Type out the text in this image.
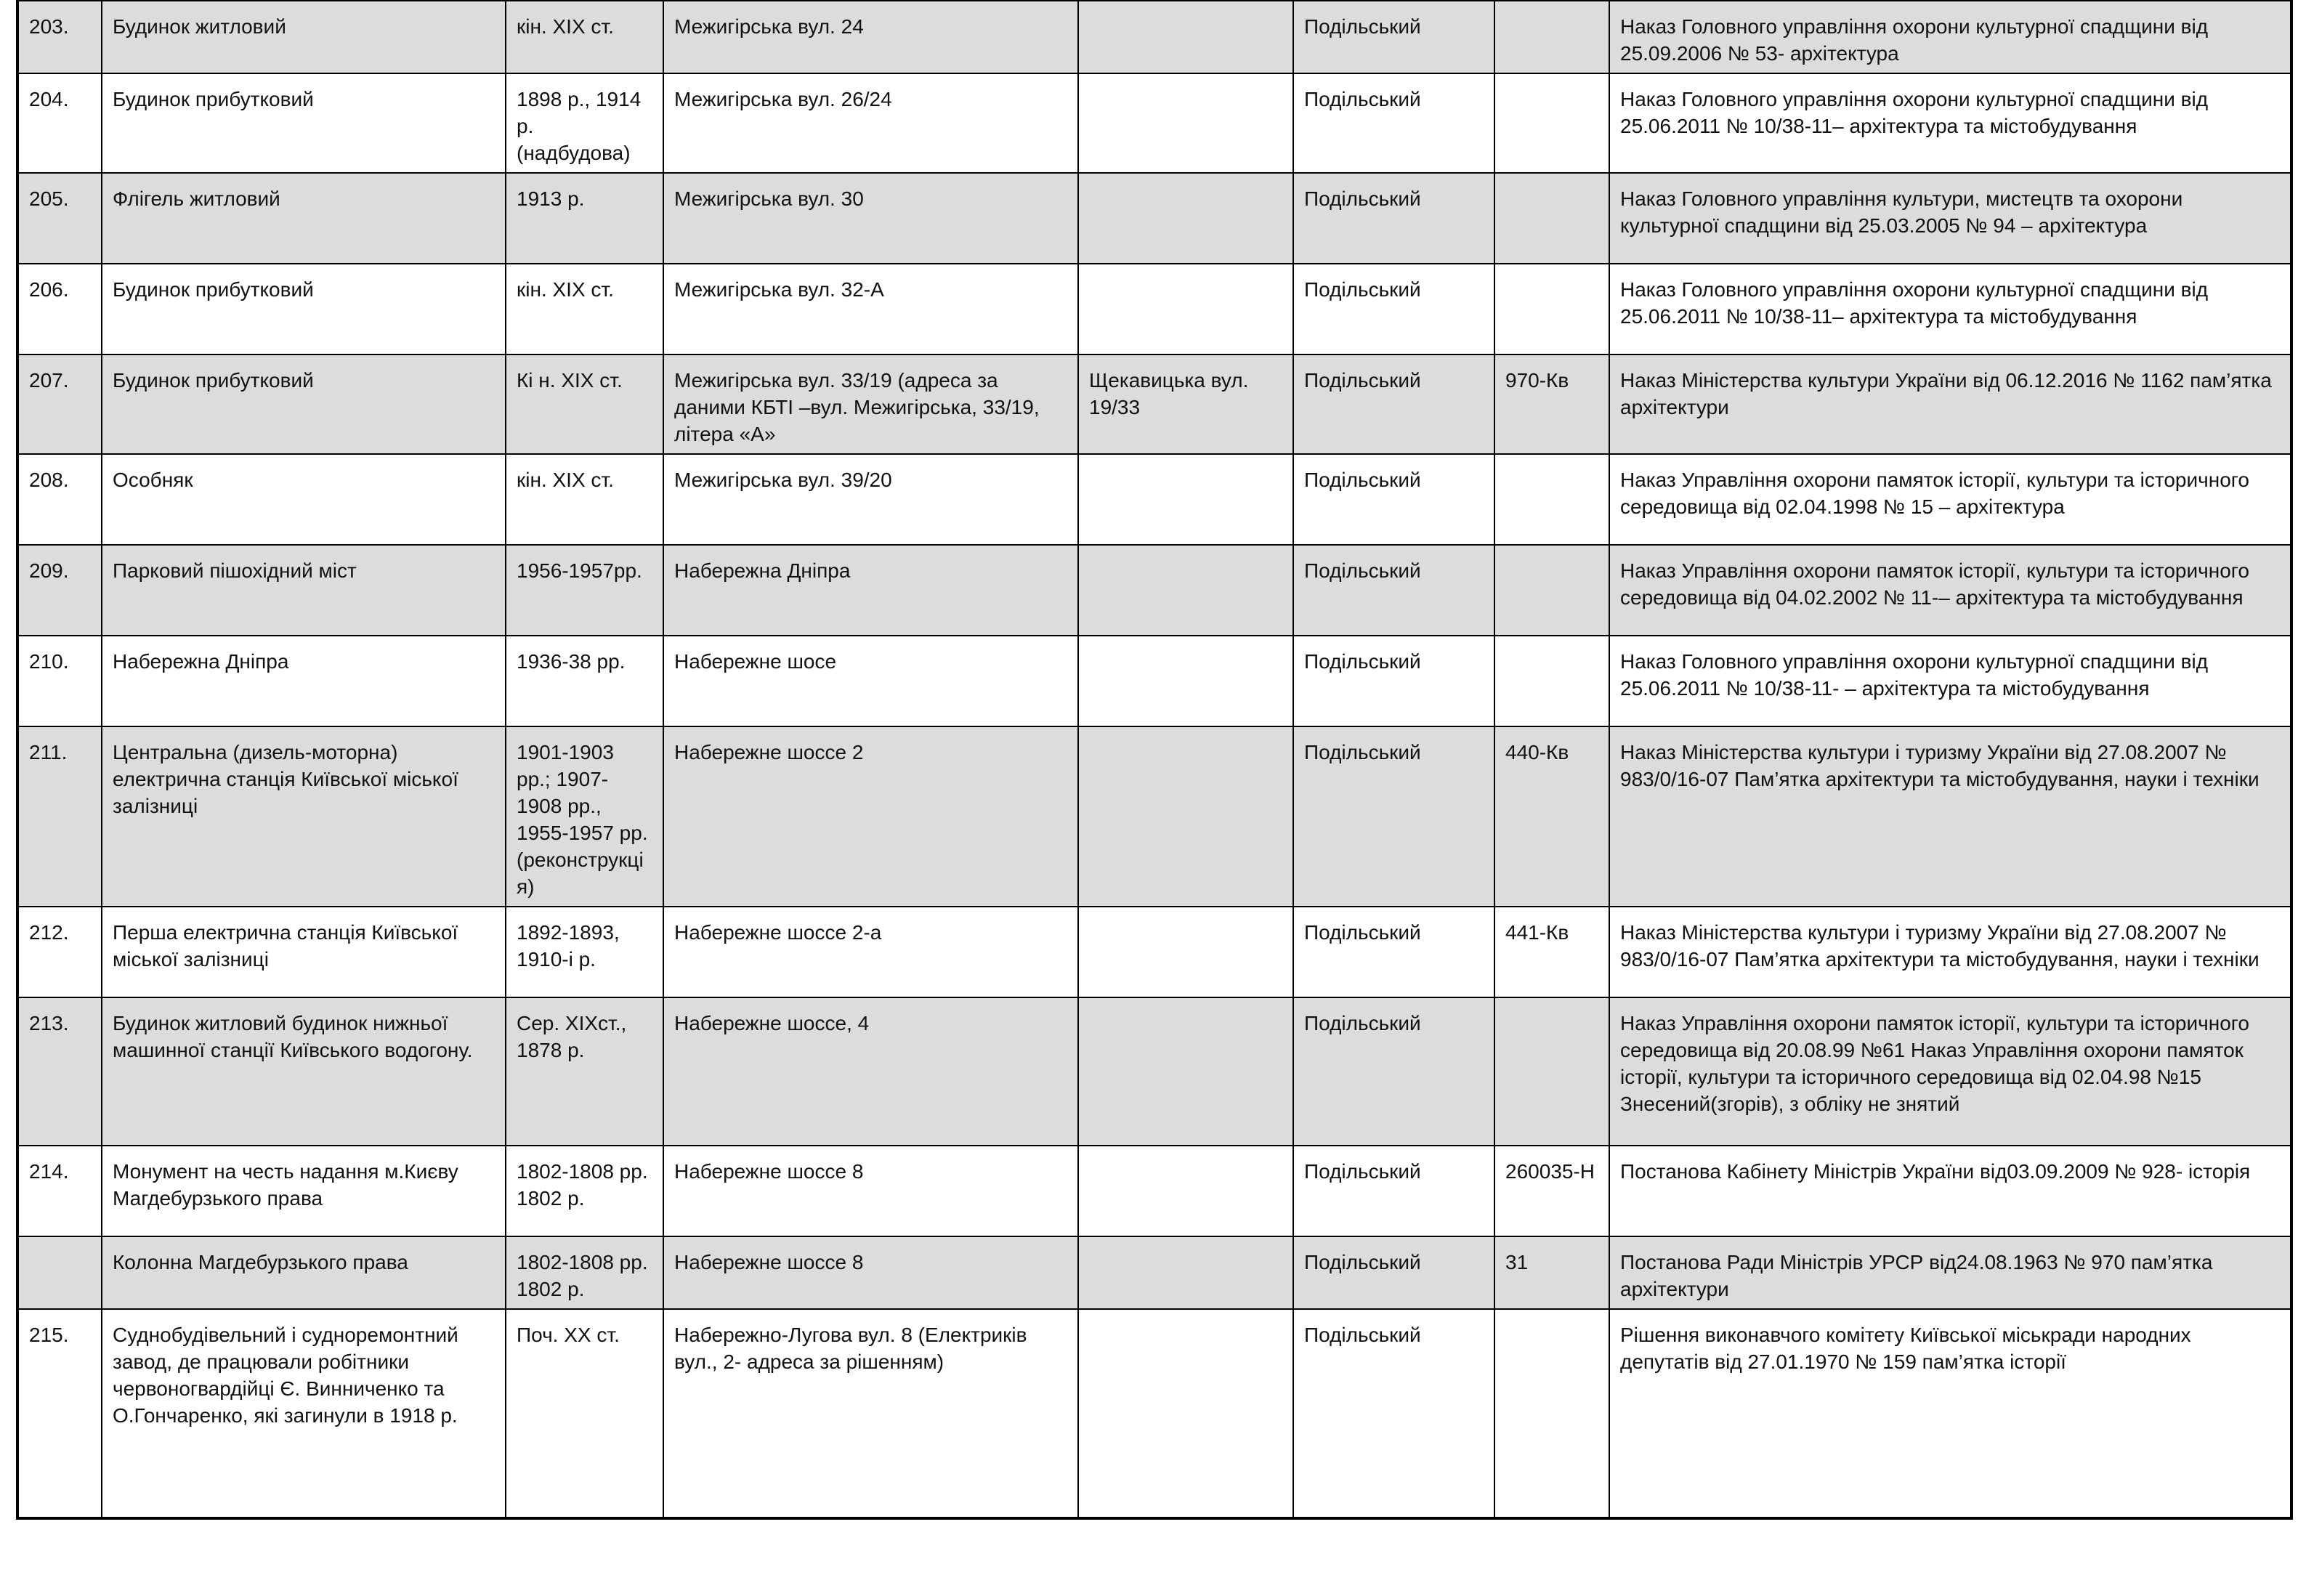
203.	Будинок житловий	кін. XIX ст.	Межигірська вул. 24		Подільський		Наказ Головного управління охорони культурної спадщини від 25.09.2006 № 53- архітектура
204.	Будинок прибутковий	1898 р., 1914 р. (надбудова)	Межигірська вул. 26/24		Подільський		Наказ Головного управління охорони культурної спадщини від 25.06.2011 № 10/38-11– архітектура та містобудування
205.	Флігель житловий	1913 р.	Межигірська вул. 30		Подільський		Наказ Головного управління культури, мистецтв та охорони культурної спадщини від 25.03.2005 № 94 – архітектура
206.	Будинок прибутковий	кін. XIX ст.	Межигірська вул. 32-А		Подільський		Наказ Головного управління охорони культурної спадщини від 25.06.2011 № 10/38-11– архітектура та містобудування
207.	Будинок прибутковий	Кі н. XIX ст.	Межигірська вул. 33/19 (адреса за даними КБТІ –вул. Межигірська, 33/19, літера «А»	Щекавицька вул. 19/33	Подільський	970-Кв	Наказ Міністерства культури України від 06.12.2016 № 1162 пам’ятка архітектури
208.	Особняк	кін. XIX ст.	Межигірська вул. 39/20		Подільський		Наказ Управління охорони памяток історії, культури та історичного середовища від 02.04.1998 № 15 – архітектура
209.	Парковий пішохідний міст	1956-1957рр.	Набережна Дніпра		Подільський		Наказ Управління охорони памяток історії, культури та історичного середовища від 04.02.2002 № 11-– архітектура та містобудування
210.	Набережна Дніпра	1936-38 рр.	Набережне шосе		Подільський		Наказ Головного управління охорони культурної спадщини від 25.06.2011 № 10/38-11- – архітектура та містобудування
211.	Центральна (дизель-моторна) електрична станція Київської міської залізниці	1901-1903 рр.; 1907-1908 рр., 1955-1957 рр. (реконструкція)	Набережне шоссе 2		Подільський	440-Кв	Наказ Міністерства культури і туризму України від 27.08.2007 № 983/0/16-07 Пам’ятка архітектури та містобудування, науки і техніки
212.	Перша електрична станція Київської міської залізниці	1892-1893, 1910-і р.	Набережне шоссе 2-а		Подільський	441-Кв	Наказ Міністерства культури і туризму України від 27.08.2007 № 983/0/16-07 Пам’ятка архітектури та містобудування, науки і техніки
213.	Будинок житловий будинок нижньої машинної станції Київського водогону.	Сер. XIXст., 1878 р.	Набережне шоссе, 4		Подільський		Наказ Управління охорони памяток історії, культури та історичного середовища від 20.08.99 №61 Наказ Управління охорони памяток історії, культури та історичного середовища від 02.04.98 №15 Знесений(згорів), з обліку не знятий
214.	Монумент на честь надання м.Києву Магдебурзького права	1802-1808 рр. 1802 р.	Набережне шоссе 8		Подільський	260035-Н	Постанова Кабінету Міністрів України від03.09.2009 № 928- історія
	Колонна Магдебурзького права	1802-1808 рр. 1802 р.	Набережне шоссе 8		Подільський	31	Постанова Ради Міністрів УРСР від24.08.1963 № 970 пам’ятка архітектури
215.	Суднобудівельний і судноремонтний завод, де працювали робітники червоногвардійці Є. Винниченко та О.Гончаренко, які загинули в 1918 р.	Поч. XX ст.	Набережно-Лугова вул. 8 (Електриків вул., 2- адреса за рішенням)		Подільський		Рішення виконавчого комітету Київської міськради народних депутатів від 27.01.1970 № 159 пам’ятка історії
